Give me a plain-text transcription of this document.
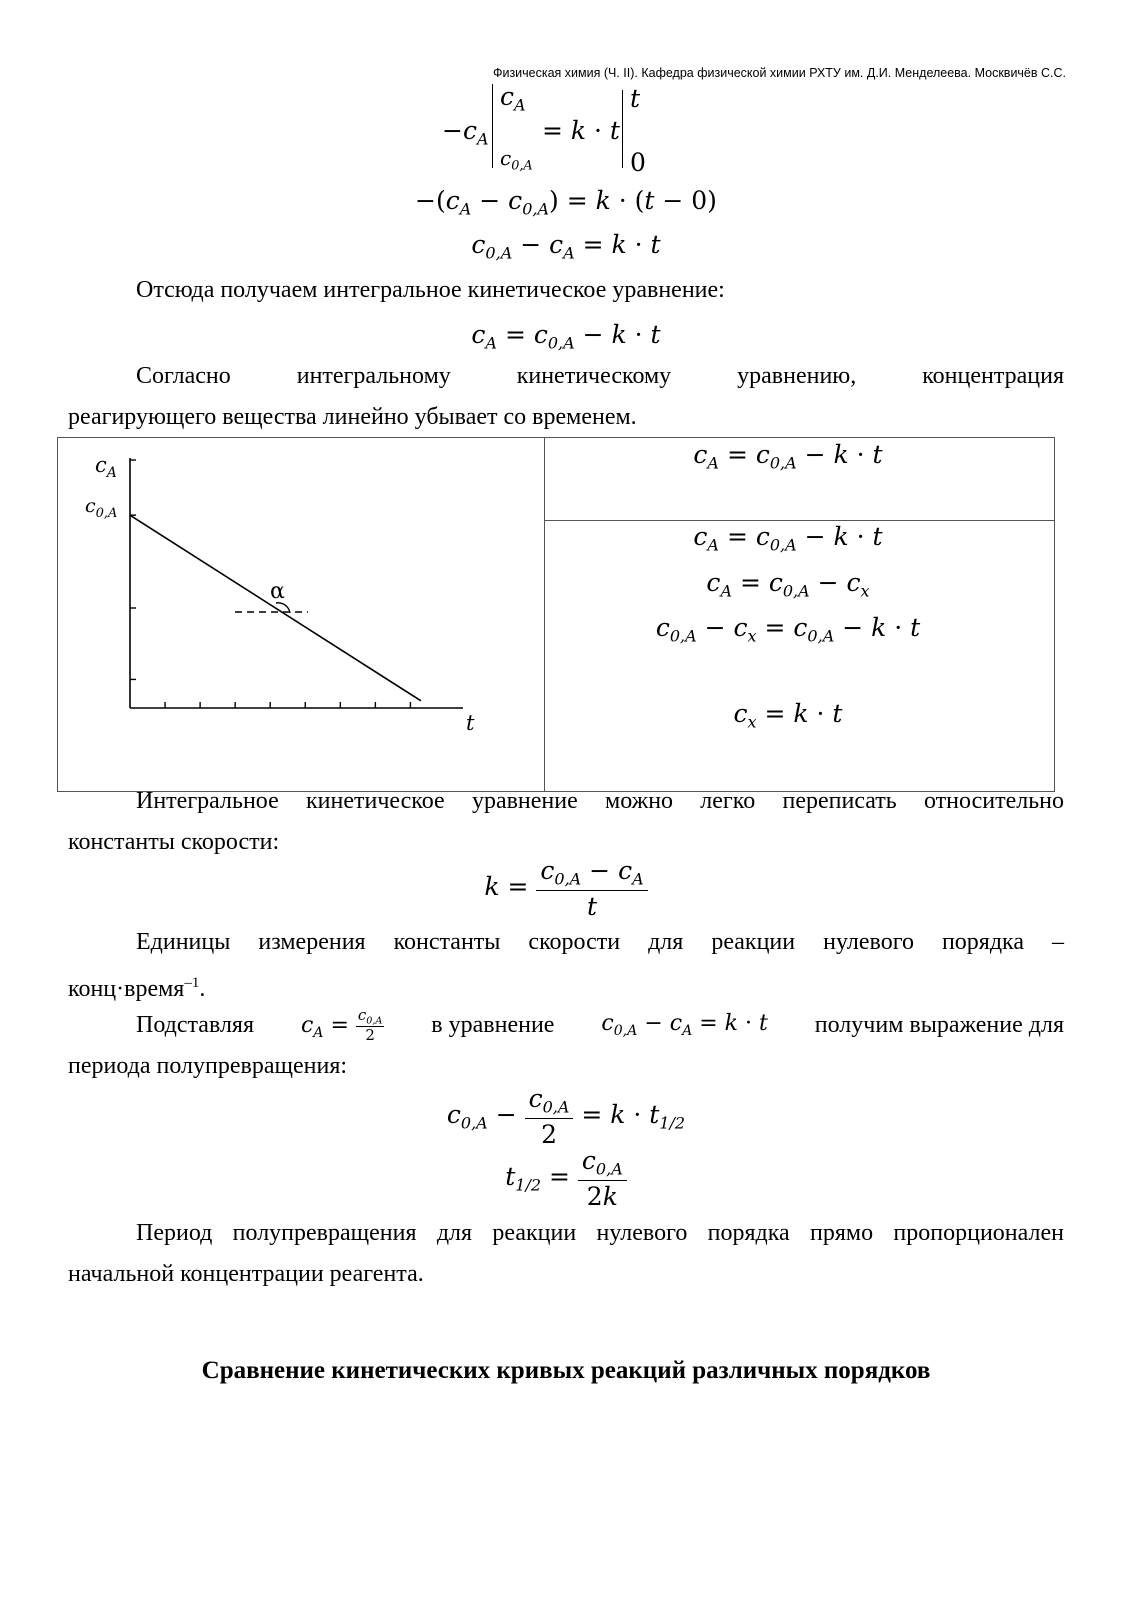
Физическая химия (Ч. II). Кафедра физической химии РХТУ им. Д.И. Менделеева. Москвичёв С.С.
$-c_A$
$c_A$
$c_{0,A}$
= k · t
t
0
$-(c_A - c_{0,A}) = k \cdot (t - 0)$
$c_{0,A} - c_A = k \cdot t$
Отсюда получаем интегральное кинетическое уравнение:
$c_A = c_{0,A} - k \cdot t$
Согласно	интегральному	кинетическому	уравнению,	концентрация
реагирующего вещества линейно убывает со временем.
α
$c_A$
$c_{0,A}$
t
$c_A = c_{0,A} - k \cdot t$
$c_A = c_{0,A} - k \cdot t$
$c_A = c_{0,A} - c_x$
$c_{0,A} - c_x = c_{0,A} - k \cdot t$
$c_x = k \cdot t$
Интегральное кинетическое уравнение можно легко переписать относительно
константы скорости:
$k = \frac{c_{0,A} - c_A}{t}$
Единицы измерения константы скорости для реакции нулевого порядка –
конц·время$^{-1}$.
Подставляя $c_A = \frac{c_{0,A}}{2}$ в уравнение $c_{0,A} - c_A = k \cdot t$ получим выражение для
периода полупревращения:
$c_{0,A} - \frac{c_{0,A}}{2} = k \cdot t_{1/2}$
$t_{1/2} = \frac{c_{0,A}}{2k}$
Период полупревращения для реакции нулевого порядка прямо пропорционален
начальной концентрации реагента.
Сравнение кинетических кривых реакций различных порядков
